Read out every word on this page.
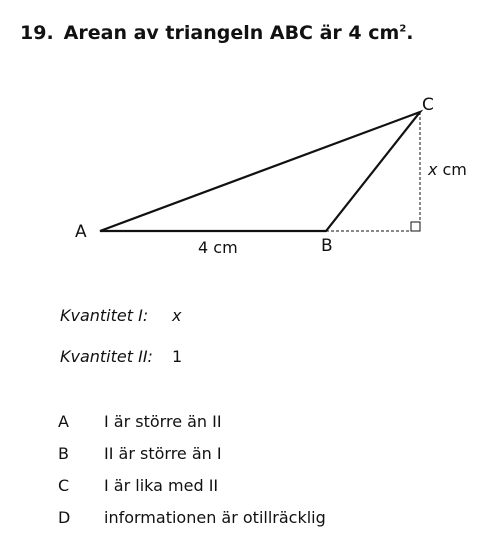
19. Arean av triangeln ABC är 4 $cm^2$.
A
B
C
4 cm
x cm
Kvantitet I: x
Kvantitet II: 1
A I är större än II
B II är större än I
C I är lika med II
D informationen är otillräcklig
